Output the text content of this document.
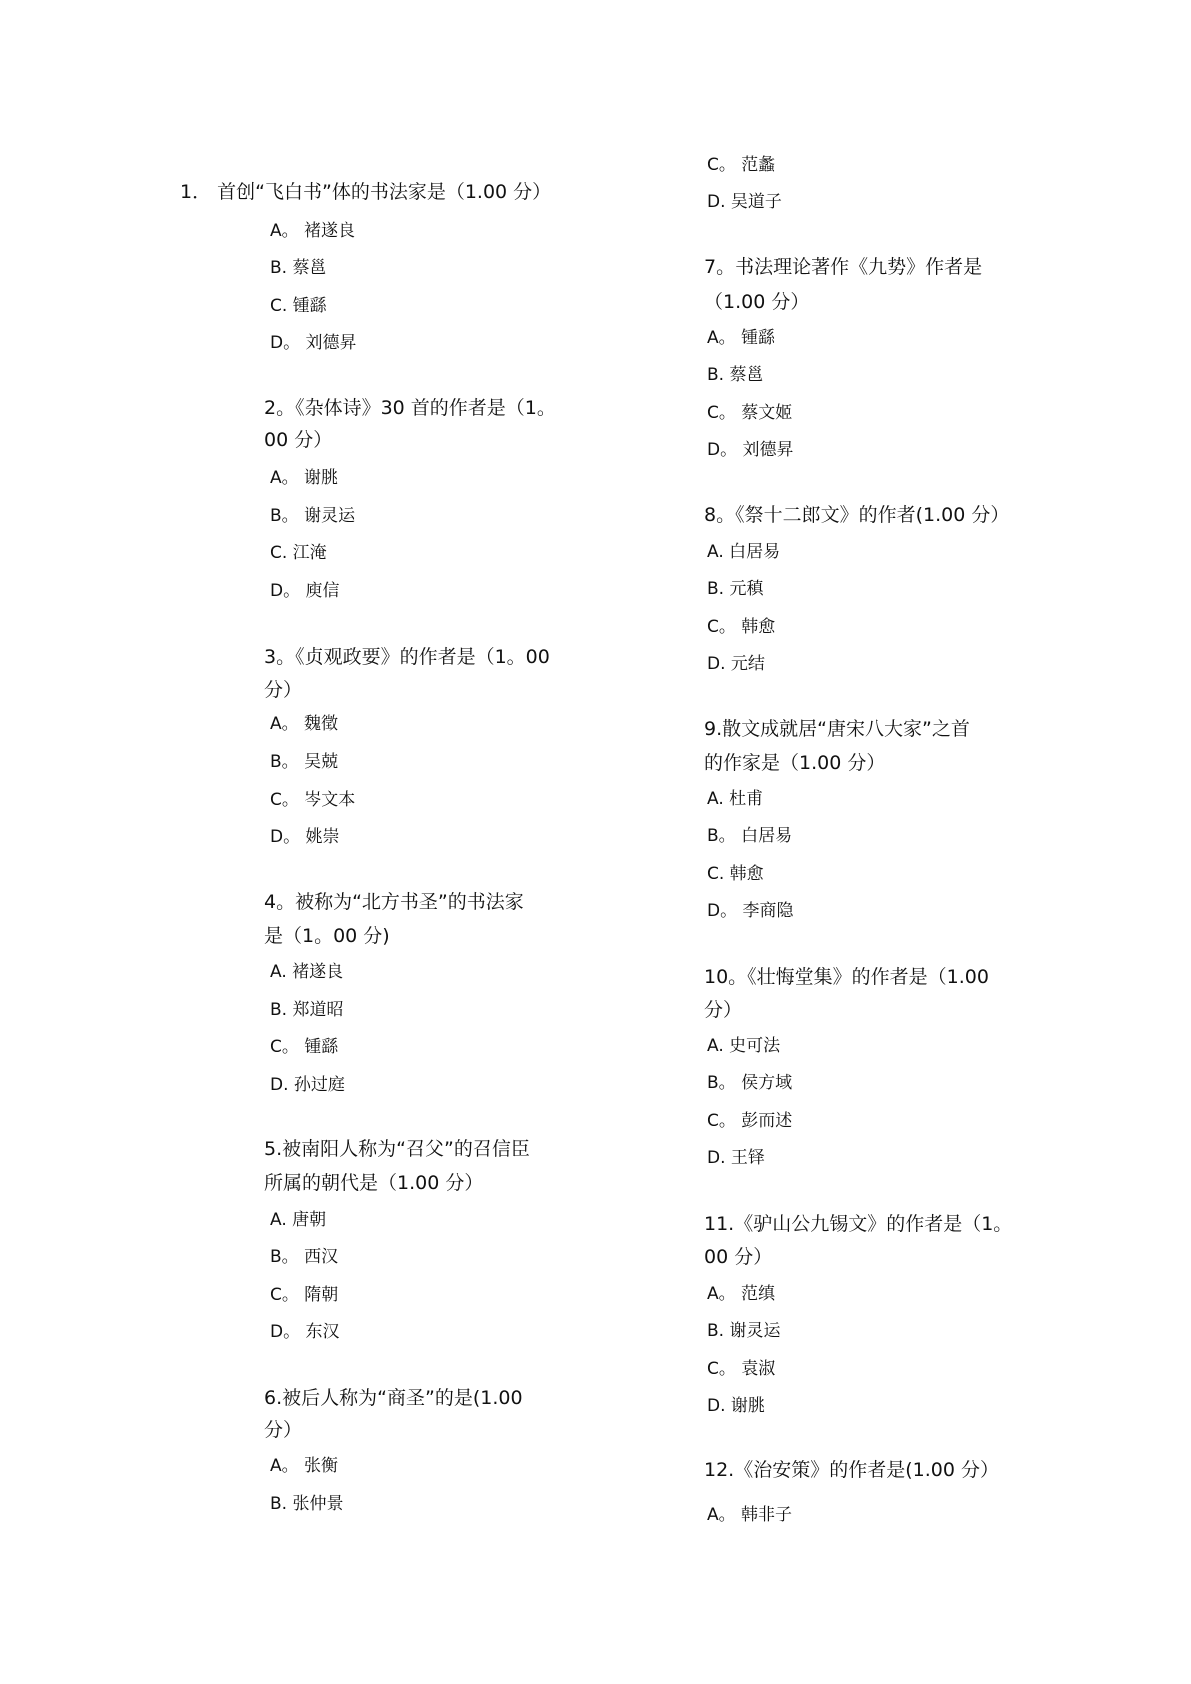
1． 首创“飞白书”体的书法家是（1.00 分）

A。 褚遂良

B. 蔡邕

C. 锺繇

D。 刘德昇

2。《杂体诗》30 首的作者是（1。

00 分）

A。 谢朓

B。 谢灵运

C. 江淹

D。 庾信

3。《贞观政要》的作者是（1。00

分）

A。 魏徵

B。 吴兢

C。 岑文本

D。 姚崇

4。被称为“北方书圣”的书法家

是（1。00 分)

A. 褚遂良

B. 郑道昭

C。 锺繇

D. 孙过庭

5.被南阳人称为“召父”的召信臣

所属的朝代是（1.00 分）

A. 唐朝

B。 西汉

C。 隋朝

D。 东汉

6.被后人称为“商圣”的是(1.00

分）

A。 张衡

B. 张仲景

C。 范蠡

D. 吴道子

7。书法理论著作《九势》作者是

（1.00 分）

A。 锺繇

B. 蔡邕

C。 蔡文姬

D。 刘德昇

8。《祭十二郎文》的作者(1.00 分）

A. 白居易

B. 元稹

C。 韩愈

D. 元结

9.散文成就居“唐宋八大家”之首

的作家是（1.00 分）

A. 杜甫

B。 白居易

C. 韩愈

D。 李商隐

10。《壮悔堂集》的作者是（1.00

分）

A. 史可法

B。 侯方域

C。 彭而述

D. 王铎

11.《驴山公九锡文》的作者是（1。

00 分）

A。 范缜

B. 谢灵运

C。 袁淑

D. 谢朓

12.《治安策》的作者是(1.00 分）

A。 韩非子
